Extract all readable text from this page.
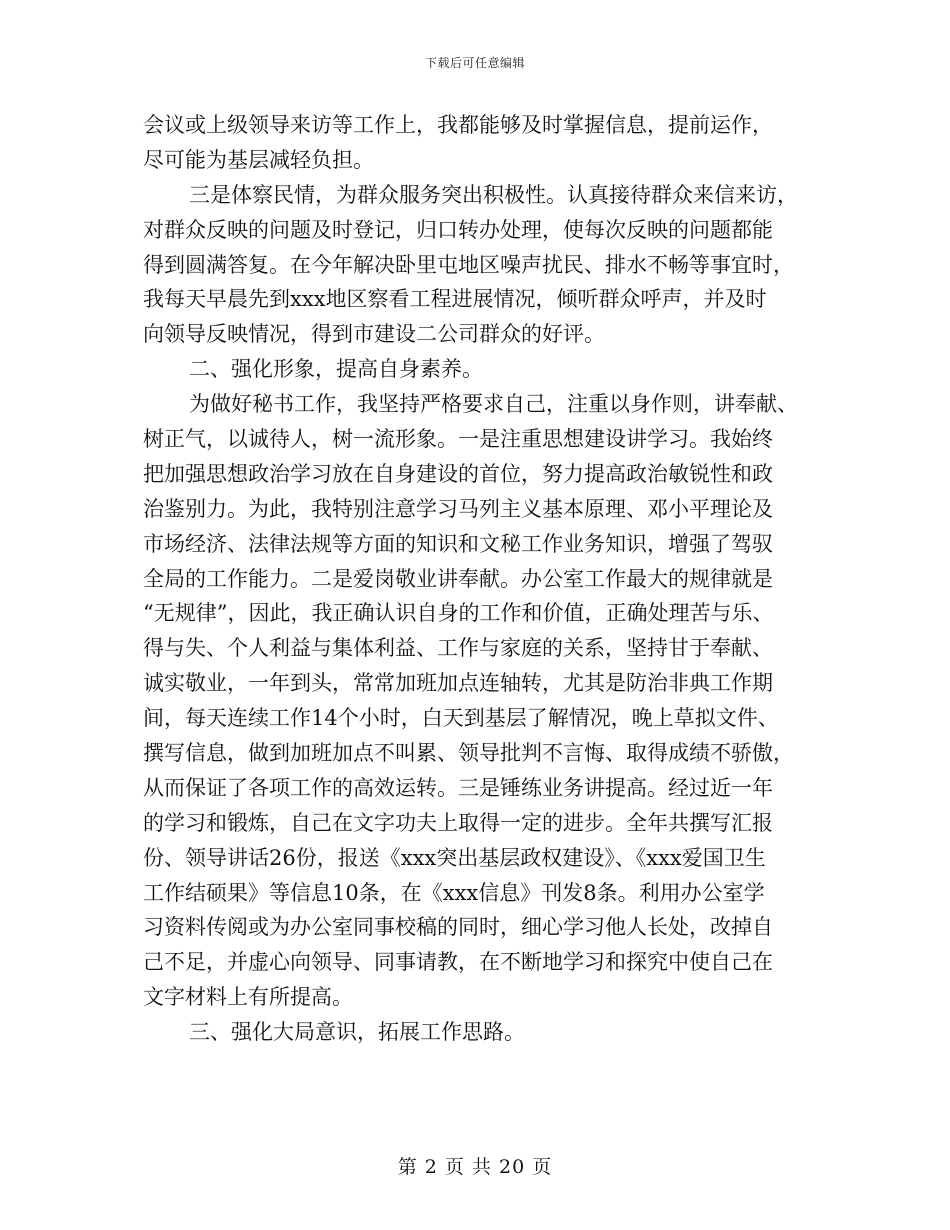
下载后可任意编辑
会议或上级领导来访等工作上，我都能够及时掌握信息，提前运作，
尽可能为基层减轻负担。
三是体察民情，为群众服务突出积极性。认真接待群众来信来访，
对群众反映的问题及时登记，归口转办处理，使每次反映的问题都能
得到圆满答复。在今年解决卧里屯地区噪声扰民、排水不畅等事宜时，
我每天早晨先到xxx地区察看工程进展情况，倾听群众呼声，并及时
向领导反映情况，得到市建设二公司群众的好评。
二、强化形象，提高自身素养。
为做好秘书工作，我坚持严格要求自己，注重以身作则，讲奉献、
树正气，以诚待人，树一流形象。一是注重思想建设讲学习。我始终
把加强思想政治学习放在自身建设的首位，努力提高政治敏锐性和政
治鉴别力。为此，我特别注意学习马列主义基本原理、邓小平理论及
市场经济、法律法规等方面的知识和文秘工作业务知识，增强了驾驭
全局的工作能力。二是爱岗敬业讲奉献。办公室工作最大的规律就是
“无规律”，因此，我正确认识自身的工作和价值，正确处理苦与乐、
得与失、个人利益与集体利益、工作与家庭的关系，坚持甘于奉献、
诚实敬业，一年到头，常常加班加点连轴转，尤其是防治非典工作期
间，每天连续工作14个小时，白天到基层了解情况，晚上草拟文件、
撰写信息，做到加班加点不叫累、领导批判不言悔、取得成绩不骄傲，
从而保证了各项工作的高效运转。三是锤练业务讲提高。经过近一年
的学习和锻炼，自己在文字功夫上取得一定的进步。全年共撰写汇报
份、领导讲话26份，报送《xxx突出基层政权建设》、《xxx爱国卫生
工作结硕果》等信息10条，在《xxx信息》刊发8条。利用办公室学
习资料传阅或为办公室同事校稿的同时，细心学习他人长处，改掉自
己不足，并虚心向领导、同事请教，在不断地学习和探究中使自己在
文字材料上有所提高。
三、强化大局意识，拓展工作思路。
第 2 页 共 20 页
